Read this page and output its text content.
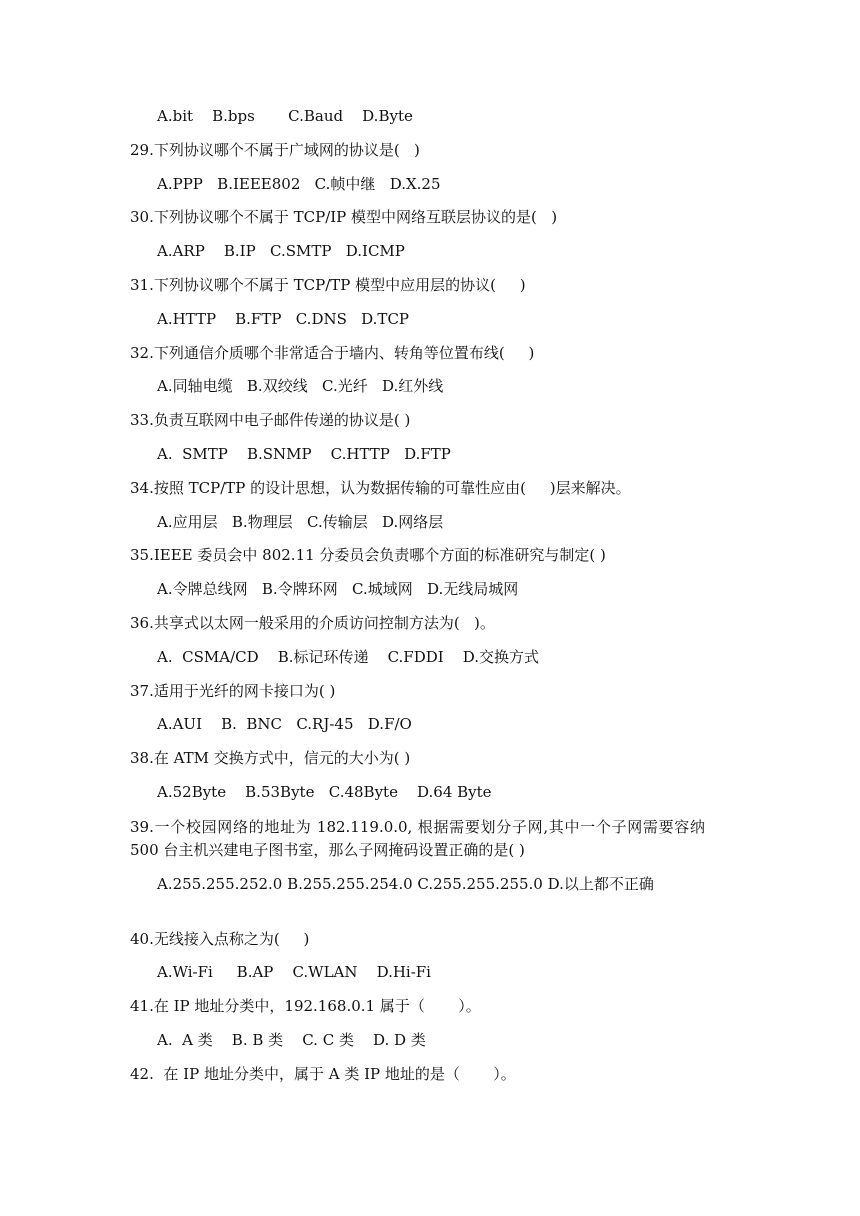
A.bit    B.bps       C.Baud    D.Byte
29.下列协议哪个不属于广域网的协议是(   )
A.PPP   B.IEEE802   C.帧中继   D.X.25
30.下列协议哪个不属于 TCP/IP 模型中网络互联层协议的是(   )
A.ARP    B.IP   C.SMTP   D.ICMP
31.下列协议哪个不属于 TCP/TP 模型中应用层的协议(     )
A.HTTP    B.FTP   C.DNS   D.TCP
32.下列通信介质哪个非常适合于墙内、转角等位置布线(     )
A.同轴电缆   B.双绞线   C.光纤   D.红外线
33.负责互联网中电子邮件传递的协议是( )
A.  SMTP    B.SNMP    C.HTTP   D.FTP
34.按照 TCP/TP 的设计思想，认为数据传输的可靠性应由(     )层来解决。
A.应用层   B.物理层   C.传输层   D.网络层
35.IEEE 委员会中 802.11 分委员会负责哪个方面的标准研究与制定( )
A.令牌总线网   B.令牌环网   C.城域网   D.无线局城网
36.共享式以太网一般采用的介质访问控制方法为(   )。
A.  CSMA/CD    B.标记环传递    C.FDDI    D.交换方式
37.适用于光纤的网卡接口为( )
A.AUI    B.  BNC   C.RJ-45   D.F/O
38.在 ATM 交换方式中，信元的大小为( )
A.52Byte    B.53Byte   C.48Byte    D.64 Byte
39.一个校园网络的地址为 182.119.0.0, 根据需要划分子网,其中一个子网需要容纳 500 台主机兴建电子图书室，那么子网掩码设置正确的是( )
A.255.255.252.0 B.255.255.254.0 C.255.255.255.0 D.以上都不正确
40.无线接入点称之为(     )
A.Wi-Fi     B.AP    C.WLAN    D.Hi-Fi
41.在 IP 地址分类中，192.168.0.1 属于（       ）。
A.  A 类    B. B 类    C. C 类    D. D 类
42.  在 IP 地址分类中，属于 A 类 IP 地址的是（       ）。
